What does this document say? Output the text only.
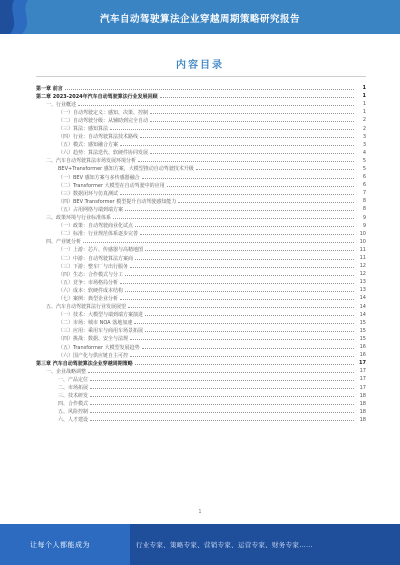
汽车自动驾驶算法企业穿越周期策略研究报告
内容目录
第一章 前言	1
第二章 2023-2024年汽车自动驾驶算法行业发展回顾	1
一、行业概述	1
（一）自动驾驶定义：感知、决策、控制	1
（二）自动驾驶分级：从辅助到完全自动	2
（三）算法：感知算法	2
（四）行业：自动驾驶算法技术路线	3
（五）模式：感知融合方案	3
（六）趋势：算法迭代、软硬件协同发展	4
二、汽车自动驾驶算法市场发展环境分析	5
BEV+Transformer 感知方案，大模型推动自动驾驶技术升级	5
（一）BEV 感知方案与多传感器融合	6
（二）Transformer 大模型在自动驾驶中的应用	6
（三）数据闭环与仿真测试	7
（四）BEV Transformer 模型提升自动驾驶感知能力	8
（五）占用网络与端到端方案	8
三、政策环境与行业标准体系	9
（一）政策：自动驾驶商业化试点	9
（二）标准：行业规范体系逐步完善	10
四、产业链分析	10
（一）上游：芯片、传感器与高精地图	11
（二）中游：自动驾驶算法方案商	11
（三）下游：整车厂与出行服务	12
（四）生态：合作模式与分工	12
（五）竞争：市场格局分析	13
（六）成本：软硬件成本结构	13
（七）案例：典型企业分析	14
五、汽车自动驾驶算法行业发展展望	14
（一）技术：大模型与端到端方案演进	14
（二）市场：城市 NOA 落地加速	15
（三）应用：乘用车与商用车场景拓展	15
（四）挑战：数据、安全与法规	15
（五）Transformer 大模型发展趋势	16
（六）国产化与供应链自主可控	16
第三章 汽车自动驾驶算法企业穿越周期策略	17
一、企业战略调整	17
一、产品定位	17
二、市场拓展	17
三、技术研发	18
四、合作模式	18
五、风险控制	18
六、人才建设	18
1
让每个人都能成为	行业专家、策略专家、营销专家、运营专家、财务专家……
